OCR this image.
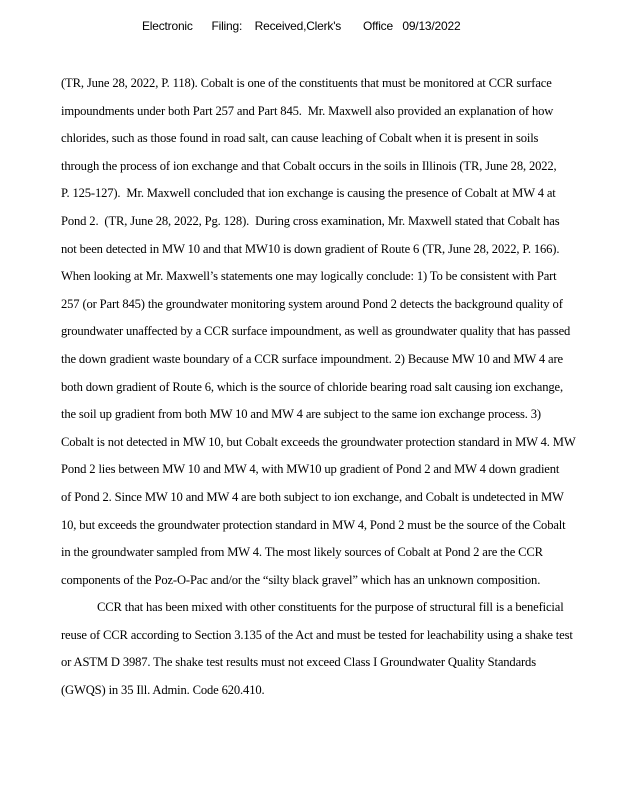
Electronic      Filing:    Received,Clerk's       Office   09/13/2022
(TR, June 28, 2022, P. 118). Cobalt is one of the constituents that must be monitored at CCR surface
impoundments under both Part 257 and Part 845.  Mr. Maxwell also provided an explanation of how
chlorides, such as those found in road salt, can cause leaching of Cobalt when it is present in soils
through the process of ion exchange and that Cobalt occurs in the soils in Illinois (TR, June 28, 2022,
P. 125-127).  Mr. Maxwell concluded that ion exchange is causing the presence of Cobalt at MW 4 at
Pond 2.  (TR, June 28, 2022, Pg. 128).  During cross examination, Mr. Maxwell stated that Cobalt has
not been detected in MW 10 and that MW10 is down gradient of Route 6 (TR, June 28, 2022, P. 166).
When looking at Mr. Maxwell’s statements one may logically conclude: 1) To be consistent with Part
257 (or Part 845) the groundwater monitoring system around Pond 2 detects the background quality of
groundwater unaffected by a CCR surface impoundment, as well as groundwater quality that has passed
the down gradient waste boundary of a CCR surface impoundment. 2) Because MW 10 and MW 4 are
both down gradient of Route 6, which is the source of chloride bearing road salt causing ion exchange,
the soil up gradient from both MW 10 and MW 4 are subject to the same ion exchange process. 3)
Cobalt is not detected in MW 10, but Cobalt exceeds the groundwater protection standard in MW 4. MW
Pond 2 lies between MW 10 and MW 4, with MW10 up gradient of Pond 2 and MW 4 down gradient
of Pond 2. Since MW 10 and MW 4 are both subject to ion exchange, and Cobalt is undetected in MW
10, but exceeds the groundwater protection standard in MW 4, Pond 2 must be the source of the Cobalt
in the groundwater sampled from MW 4. The most likely sources of Cobalt at Pond 2 are the CCR
components of the Poz-O-Pac and/or the “silty black gravel” which has an unknown composition.
CCR that has been mixed with other constituents for the purpose of structural fill is a beneficial
reuse of CCR according to Section 3.135 of the Act and must be tested for leachability using a shake test
or ASTM D 3987. The shake test results must not exceed Class I Groundwater Quality Standards
(GWQS) in 35 Ill. Admin. Code 620.410.
